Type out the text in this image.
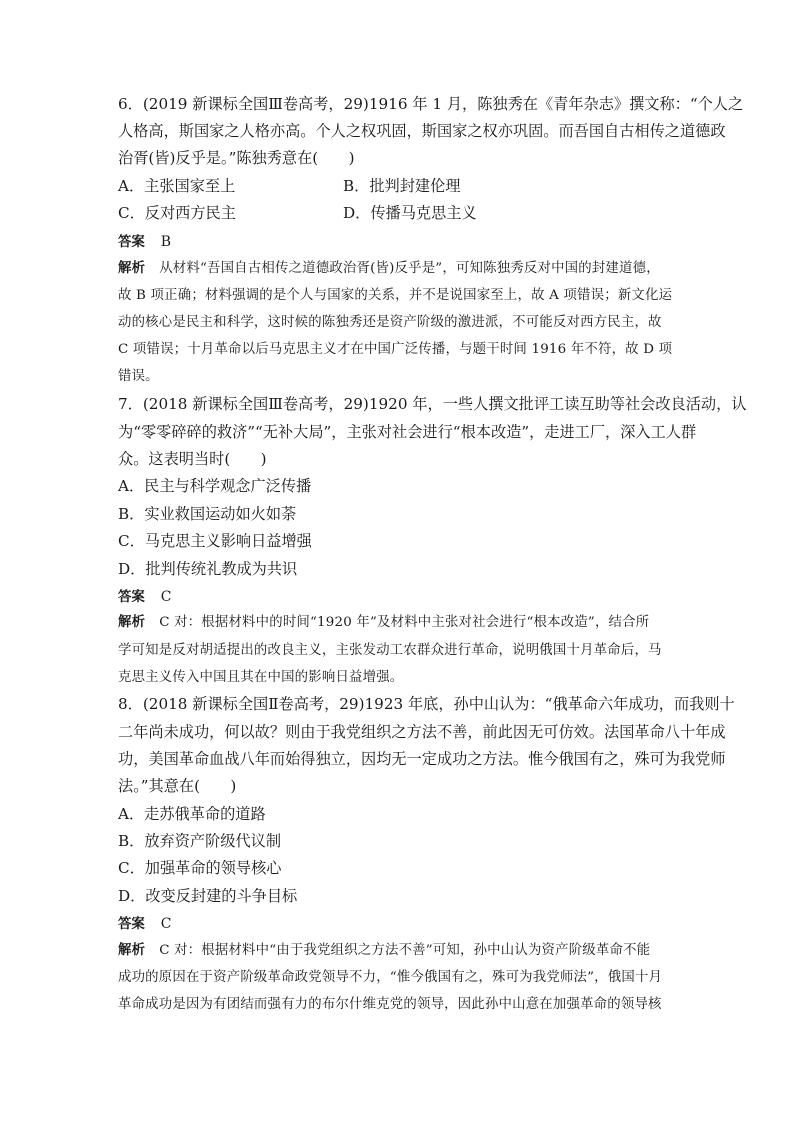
6．(2019 新课标全国Ⅲ卷高考，29)1916 年 1 月，陈独秀在《青年杂志》撰文称：“个人之
人格高，斯国家之人格亦高。个人之权巩固，斯国家之权亦巩固。而吾国自古相传之道德政
治胥(皆)反乎是。”陈独秀意在(　　)
A．主张国家至上	B．批判封建伦理
C．反对西方民主	D．传播马克思主义
答案 B
解析 从材料“吾国自古相传之道德政治胥(皆)反乎是”，可知陈独秀反对中国的封建道德，
故 B 项正确；材料强调的是个人与国家的关系，并不是说国家至上，故 A 项错误；新文化运
动的核心是民主和科学，这时候的陈独秀还是资产阶级的激进派，不可能反对西方民主，故
C 项错误；十月革命以后马克思主义才在中国广泛传播，与题干时间 1916 年不符，故 D 项
错误。
7．(2018 新课标全国Ⅲ卷高考，29)1920 年，一些人撰文批评工读互助等社会改良活动，认
为“零零碎碎的救济”“无补大局”，主张对社会进行“根本改造”，走进工厂，深入工人群
众。这表明当时(　　)
A．民主与科学观念广泛传播
B．实业救国运动如火如荼
C．马克思主义影响日益增强
D．批判传统礼教成为共识
答案 C
解析 C 对：根据材料中的时间“1920 年”及材料中主张对社会进行“根本改造”，结合所
学可知是反对胡适提出的改良主义，主张发动工农群众进行革命，说明俄国十月革命后，马
克思主义传入中国且其在中国的影响日益增强。
8．(2018 新课标全国Ⅱ卷高考，29)1923 年底，孙中山认为：“俄革命六年成功，而我则十
二年尚未成功，何以故？则由于我党组织之方法不善，前此因无可仿效。法国革命八十年成
功，美国革命血战八年而始得独立，因均无一定成功之方法。惟今俄国有之，殊可为我党师
法。”其意在(　　)
A．走苏俄革命的道路
B．放弃资产阶级代议制
C．加强革命的领导核心
D．改变反封建的斗争目标
答案 C
解析 C 对：根据材料中“由于我党组织之方法不善”可知，孙中山认为资产阶级革命不能
成功的原因在于资产阶级革命政党领导不力，“惟今俄国有之，殊可为我党师法”，俄国十月
革命成功是因为有团结而强有力的布尔什维克党的领导，因此孙中山意在加强革命的领导核
